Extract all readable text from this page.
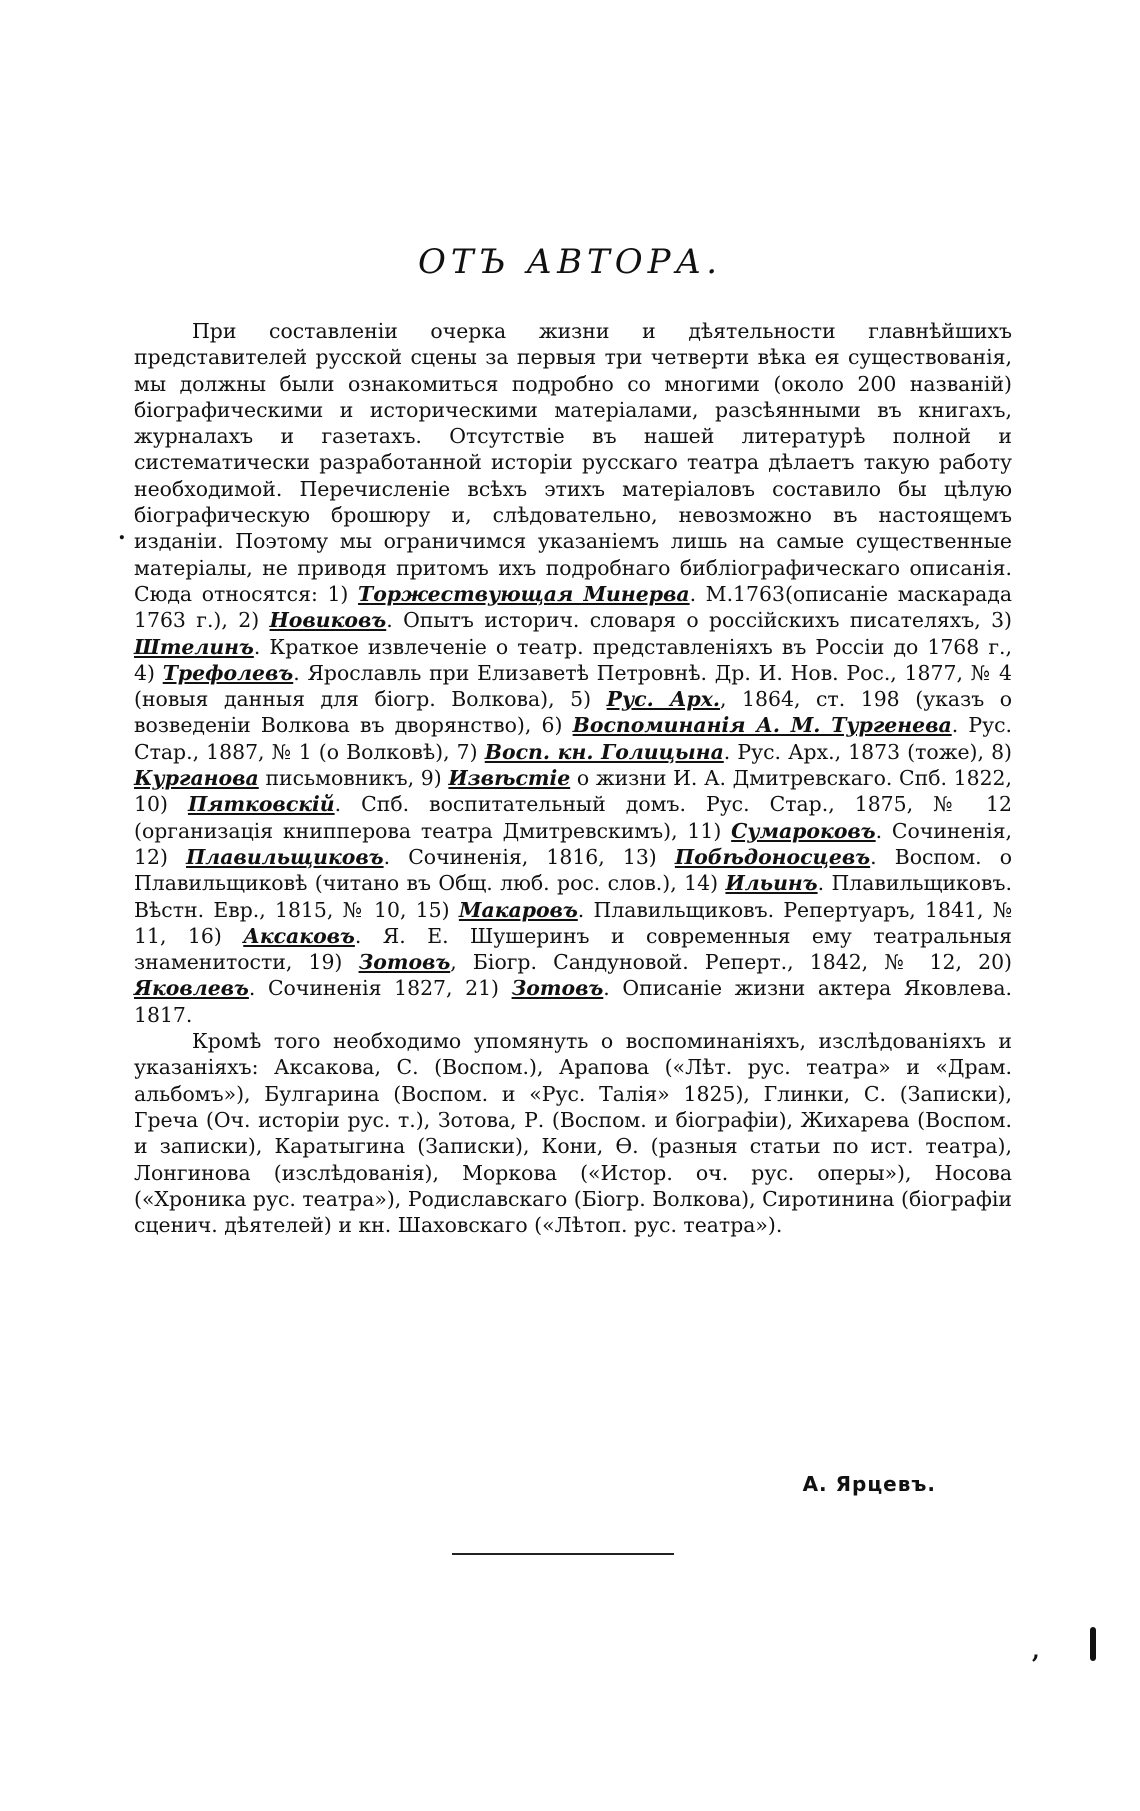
ОТЪ АВТОРА.

При составленіи очерка жизни и дѣятельности главнѣйшихъ представителей русской сцены за первыя три четверти вѣка ея существованія, мы должны были ознакомиться подробно со многими (около 200 названій) біографическими и историческими матеріалами, разсѣянными въ книгахъ, журналахъ и газетахъ. Отсутствіе въ нашей литературѣ полной и систематически разработанной исторіи русскаго театра дѣлаетъ такую работу необходимой. Перечисленіе всѣхъ этихъ матеріаловъ составило бы цѣлую біографическую брошюру и, слѣдовательно, невозможно въ настоящемъ изданіи. Поэтому мы ограничимся указаніемъ лишь на самые существенные матеріалы, не приводя притомъ ихъ подробнаго библіографическаго описанія. Сюда относятся: 1) Торжествующая Минерва. М.1763(описаніе маскарада 1763 г.), 2) Новиковъ. Опытъ историч. словаря о россійскихъ писателяхъ, 3) Штелинъ. Краткое извлеченіе о театр. представленіяхъ въ Россіи до 1768 г., 4) Трефолевъ. Ярославль при Елизаветѣ Петровнѣ. Др. И. Нов. Рос., 1877, № 4 (новыя данныя для біогр. Волкова), 5) Рус. Арх., 1864, ст. 198 (указъ о возведеніи Волкова въ дворянство), 6) Воспоминанія А. М. Тургенева. Рус. Стар., 1887, № 1 (о Волковѣ), 7) Восп. кн. Голицына. Рус. Арх., 1873 (тоже), 8) Курганова письмовникъ, 9) Извѣстіе о жизни И. А. Дмитревскаго. Спб. 1822, 10) Пятковскій. Спб. воспитательный домъ. Рус. Стар., 1875, № 12 (организація книпперова театра Дмитревскимъ), 11) Сумароковъ. Сочиненія, 12) Плавильщиковъ. Сочиненія, 1816, 13) Побѣдоносцевъ. Воспом. о Плавильщиковѣ (читано въ Общ. люб. рос. слов.), 14) Ильинъ. Плавильщиковъ. Вѣстн. Евр., 1815, № 10, 15) Макаровъ. Плавильщиковъ. Репертуаръ, 1841, № 11, 16) Аксаковъ. Я. Е. Шушеринъ и современныя ему театральныя знаменитости, 19) Зотовъ, Біогр. Сандуновой. Реперт., 1842, № 12, 20) Яковлевъ. Сочиненія 1827, 21) Зотовъ. Описаніе жизни актера Яковлева. 1817.

Кромѣ того необходимо упомянуть о воспоминаніяхъ, изслѣдованіяхъ и указаніяхъ: Аксакова, С. (Воспом.), Арапова («Лѣт. рус. театра» и «Драм. альбомъ»), Булгарина (Воспом. и «Рус. Талія» 1825), Глинки, С. (Записки), Греча (Оч. исторіи рус. т.), Зотова, Р. (Воспом. и біографіи), Жихарева (Воспом. и записки), Каратыгина (Записки), Кони, Ѳ. (разныя статьи по ист. театра), Лонгинова (изслѣдованія), Моркова («Истор. оч. рус. оперы»), Носова («Хроника рус. театра»), Родиславскаго (Біогр. Волкова), Сиротинина (біографіи сценич. дѣятелей) и кн. Шаховскаго («Лѣтоп. рус. театра»).

А. Ярцевъ.
.
,
